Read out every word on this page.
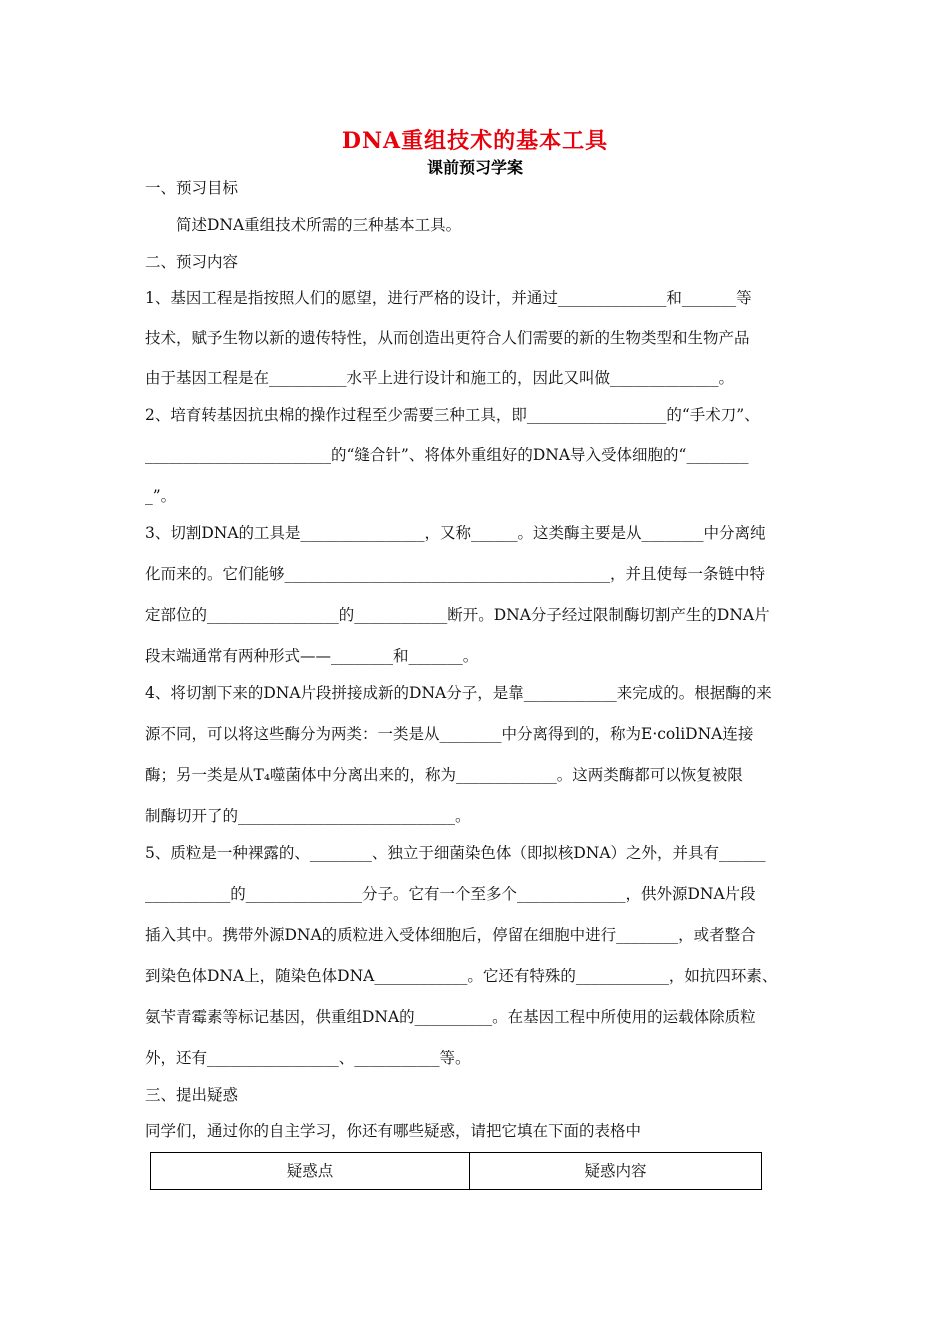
DNA重组技术的基本工具
课前预习学案
一、预习目标
简述DNA重组技术所需的三种基本工具。
二、预习内容
1、基因工程是指按照人们的愿望，进行严格的设计，并通过______________和_______等
技术，赋予生物以新的遗传特性，从而创造出更符合人们需要的新的生物类型和生物产品
由于基因工程是在__________水平上进行设计和施工的，因此又叫做______________。
2、培育转基因抗虫棉的操作过程至少需要三种工具，即__________________的“手术刀”、
________________________的“缝合针”、将体外重组好的DNA导入受体细胞的“________
_”。
3、切割DNA的工具是________________，又称______。这类酶主要是从________中分离纯
化而来的。它们能够__________________________________________，并且使每一条链中特
定部位的_________________的____________断开。DNA分子经过限制酶切割产生的DNA片
段末端通常有两种形式——________和_______。
4、将切割下来的DNA片段拼接成新的DNA分子，是靠____________来完成的。根据酶的来
源不同，可以将这些酶分为两类：一类是从________中分离得到的，称为E·coliDNA连接
酶；另一类是从T₄噬菌体中分离出来的，称为_____________。这两类酶都可以恢复被限
制酶切开了的____________________________。
5、质粒是一种裸露的、________、独立于细菌染色体（即拟核DNA）之外，并具有______
___________的_______________分子。它有一个至多个______________，供外源DNA片段
插入其中。携带外源DNA的质粒进入受体细胞后，停留在细胞中进行________，或者整合
到染色体DNA上，随染色体DNA____________。它还有特殊的____________，如抗四环素、
氨苄青霉素等标记基因，供重组DNA的__________。在基因工程中所使用的运载体除质粒
外，还有_________________、___________等。
三、提出疑惑
同学们，通过你的自主学习，你还有哪些疑惑，请把它填在下面的表格中
疑惑点	疑惑内容
